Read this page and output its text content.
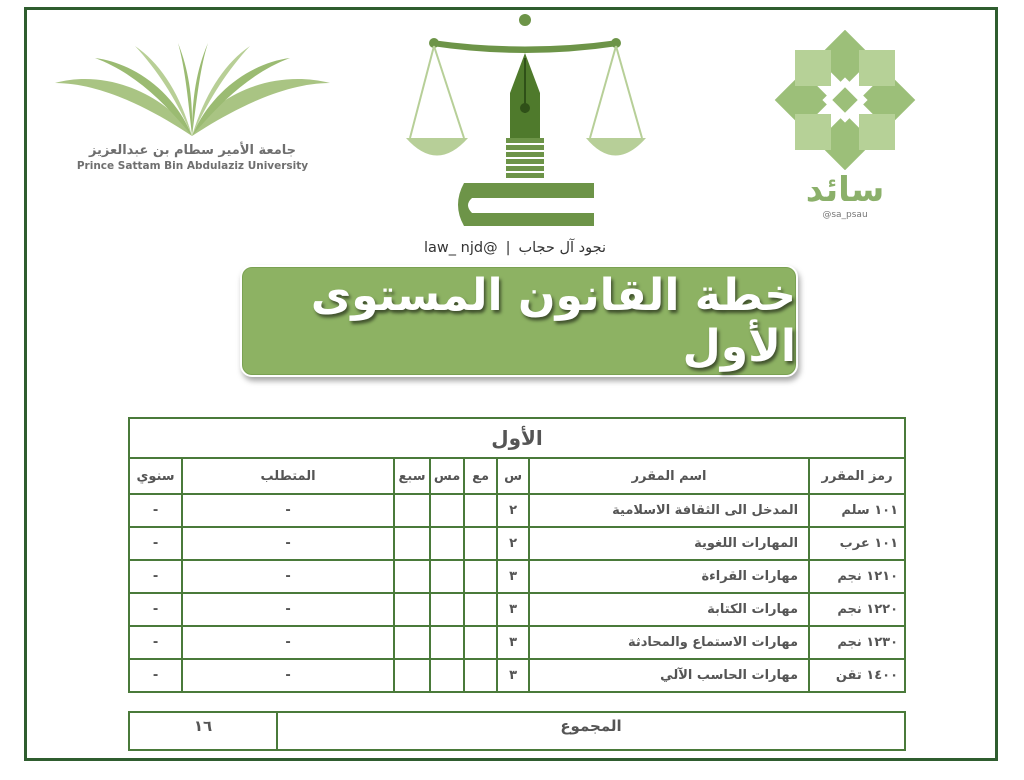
جامعة الأمير سطام بن عبدالعزيز
Prince Sattam Bin Abdulaziz University
سائد
@sa_psau
نجود آل حجاب
|
@law_ njd
خطة القانون المستوى الأول
الأول							
رمز المقرر	اسم المقرر	س	مع	مس	سبع	المتطلب	سنوي
١٠١ سلم	المدخل الى الثقافة الاسلامية	٢				-	-
١٠١ عرب	المهارات اللغوية	٢				-	-
١٢١٠ نجم	مهارات القراءة	٣				-	-
١٢٢٠ نجم	مهارات الكتابة	٣				-	-
١٢٣٠ نجم	مهارات الاستماع والمحادثة	٣				-	-
١٤٠٠ تقن	مهارات الحاسب الآلي	٣				-	-
المجموع	١٦
